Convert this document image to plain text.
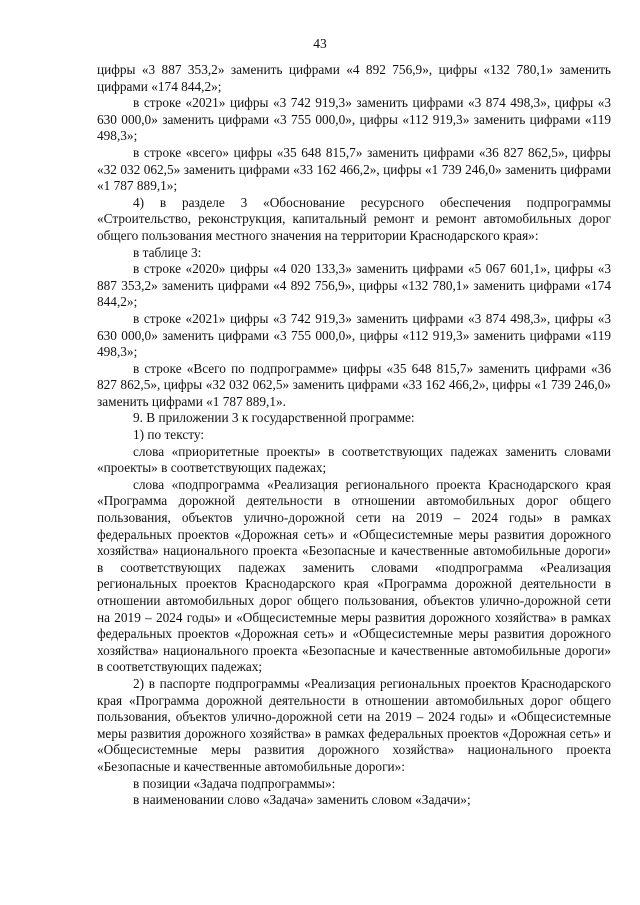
43

цифры «3 887 353,2» заменить цифрами «4 892 756,9», цифры «132 780,1» заменить цифрами «174 844,2»;

в строке «2021» цифры «3 742 919,3» заменить цифрами «3 874 498,3», цифры «3 630 000,0» заменить цифрами «3 755 000,0», цифры «112 919,3» заменить цифрами «119 498,3»;

в строке «всего» цифры «35 648 815,7» заменить цифрами «36 827 862,5», цифры «32 032 062,5» заменить цифрами «33 162 466,2», цифры «1 739 246,0» заменить цифрами «1 787 889,1»;

4) в разделе 3 «Обоснование ресурсного обеспечения подпрограммы «Строительство, реконструкция, капитальный ремонт и ремонт автомобильных дорог общего пользования местного значения на территории Краснодарского края»:

в таблице 3:

в строке «2020» цифры «4 020 133,3» заменить цифрами «5 067 601,1», цифры «3 887 353,2» заменить цифрами «4 892 756,9», цифры «132 780,1» заменить цифрами «174 844,2»;

в строке «2021» цифры «3 742 919,3» заменить цифрами «3 874 498,3», цифры «3 630 000,0» заменить цифрами «3 755 000,0», цифры «112 919,3» заменить цифрами «119 498,3»;

в строке «Всего по подпрограмме» цифры «35 648 815,7» заменить цифрами «36 827 862,5», цифры «32 032 062,5» заменить цифрами «33 162 466,2», цифры «1 739 246,0» заменить цифрами «1 787 889,1».

9. В приложении 3 к государственной программе:

1) по тексту:

слова «приоритетные проекты» в соответствующих падежах заменить словами «проекты» в соответствующих падежах;

слова «подпрограмма «Реализация регионального проекта Краснодарского края «Программа дорожной деятельности в отношении автомобильных дорог общего пользования, объектов улично-дорожной сети на 2019 – 2024 годы» в рамках федеральных проектов «Дорожная сеть» и «Общесистемные меры развития дорожного хозяйства» национального проекта «Безопасные и качественные автомобильные дороги» в соответствующих падежах заменить словами «подпрограмма «Реализация региональных проектов Краснодарского края «Программа дорожной деятельности в отношении автомобильных дорог общего пользования, объектов улично-дорожной сети на 2019 – 2024 годы» и «Общесистемные меры развития дорожного хозяйства» в рамках федеральных проектов «Дорожная сеть» и «Общесистемные меры развития дорожного хозяйства» национального проекта «Безопасные и качественные автомобильные дороги» в соответствующих падежах;

2) в паспорте подпрограммы «Реализация региональных проектов Краснодарского края «Программа дорожной деятельности в отношении автомобильных дорог общего пользования, объектов улично-дорожной сети на 2019 – 2024 годы» и «Общесистемные меры развития дорожного хозяйства» в рамках федеральных проектов «Дорожная сеть» и «Общесистемные меры развития дорожного хозяйства» национального проекта «Безопасные и качественные автомобильные дороги»:

в позиции «Задача подпрограммы»:

в наименовании слово «Задача» заменить словом «Задачи»;
